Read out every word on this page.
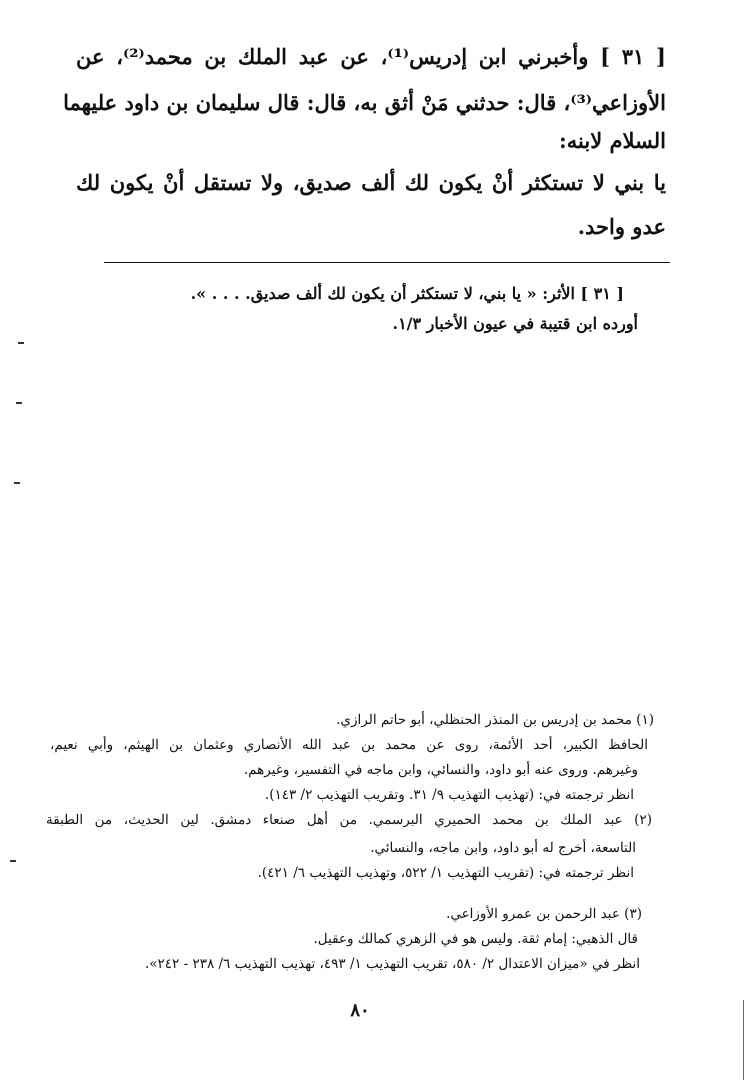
[ ٣١ ] وأخبرني ابن إدريس⁽¹⁾، عن عبد الملك بن محمد⁽²⁾، عن
الأوزاعي⁽³⁾، قال: حدثني مَنْ أثق به، قال: قال سليمان بن داود عليهما
السلام لابنه:
يا بني لا تستكثر أنْ يكون لك ألف صديق، ولا تستقل أنْ يكون لك
عدو واحد.
[ ٣١ ] الأثر: « يا بني، لا تستكثر أن يكون لك ألف صديق. . . . ».
أورده ابن قتيبة في عيون الأخبار ١/٣.
(١) محمد بن إدريس بن المنذر الحنظلي، أبو حاتم الرازي.
الحافظ الكبير، أحد الأئمة، روى عن محمد بن عبد الله الأنصاري وعثمان بن الهيثم، وأبي نعيم،
وغيرهم. وروى عنه أبو داود، والنسائي، وابن ماجه في التفسير، وغيرهم.
انظر ترجمته في: (تهذيب التهذيب ٩/ ٣١. وتقريب التهذيب ٢/ ١٤٣).
(٢) عبد الملك بن محمد الحميري البرسمي. من أهل صنعاء دمشق. لين الحديث، من الطبقة
التاسعة، أخرج له أبو داود، وابن ماجه، والنسائي.
انظر ترجمته في: (تقريب التهذيب ١/ ٥٢٢، وتهذيب التهذيب ٦/ ٤٢١).
(٣) عبد الرحمن بن عمرو الأوزاعي.
قال الذهبي: إمام ثقة. وليس هو في الزهري كمالك وعقيل.
انظر في «ميزان الاعتدال ٢/ ٥٨٠، تقريب التهذيب ١/ ٤٩٣، تهذيب التهذيب ٦/ ٢٣٨ - ٢٤٢».
٨٠
